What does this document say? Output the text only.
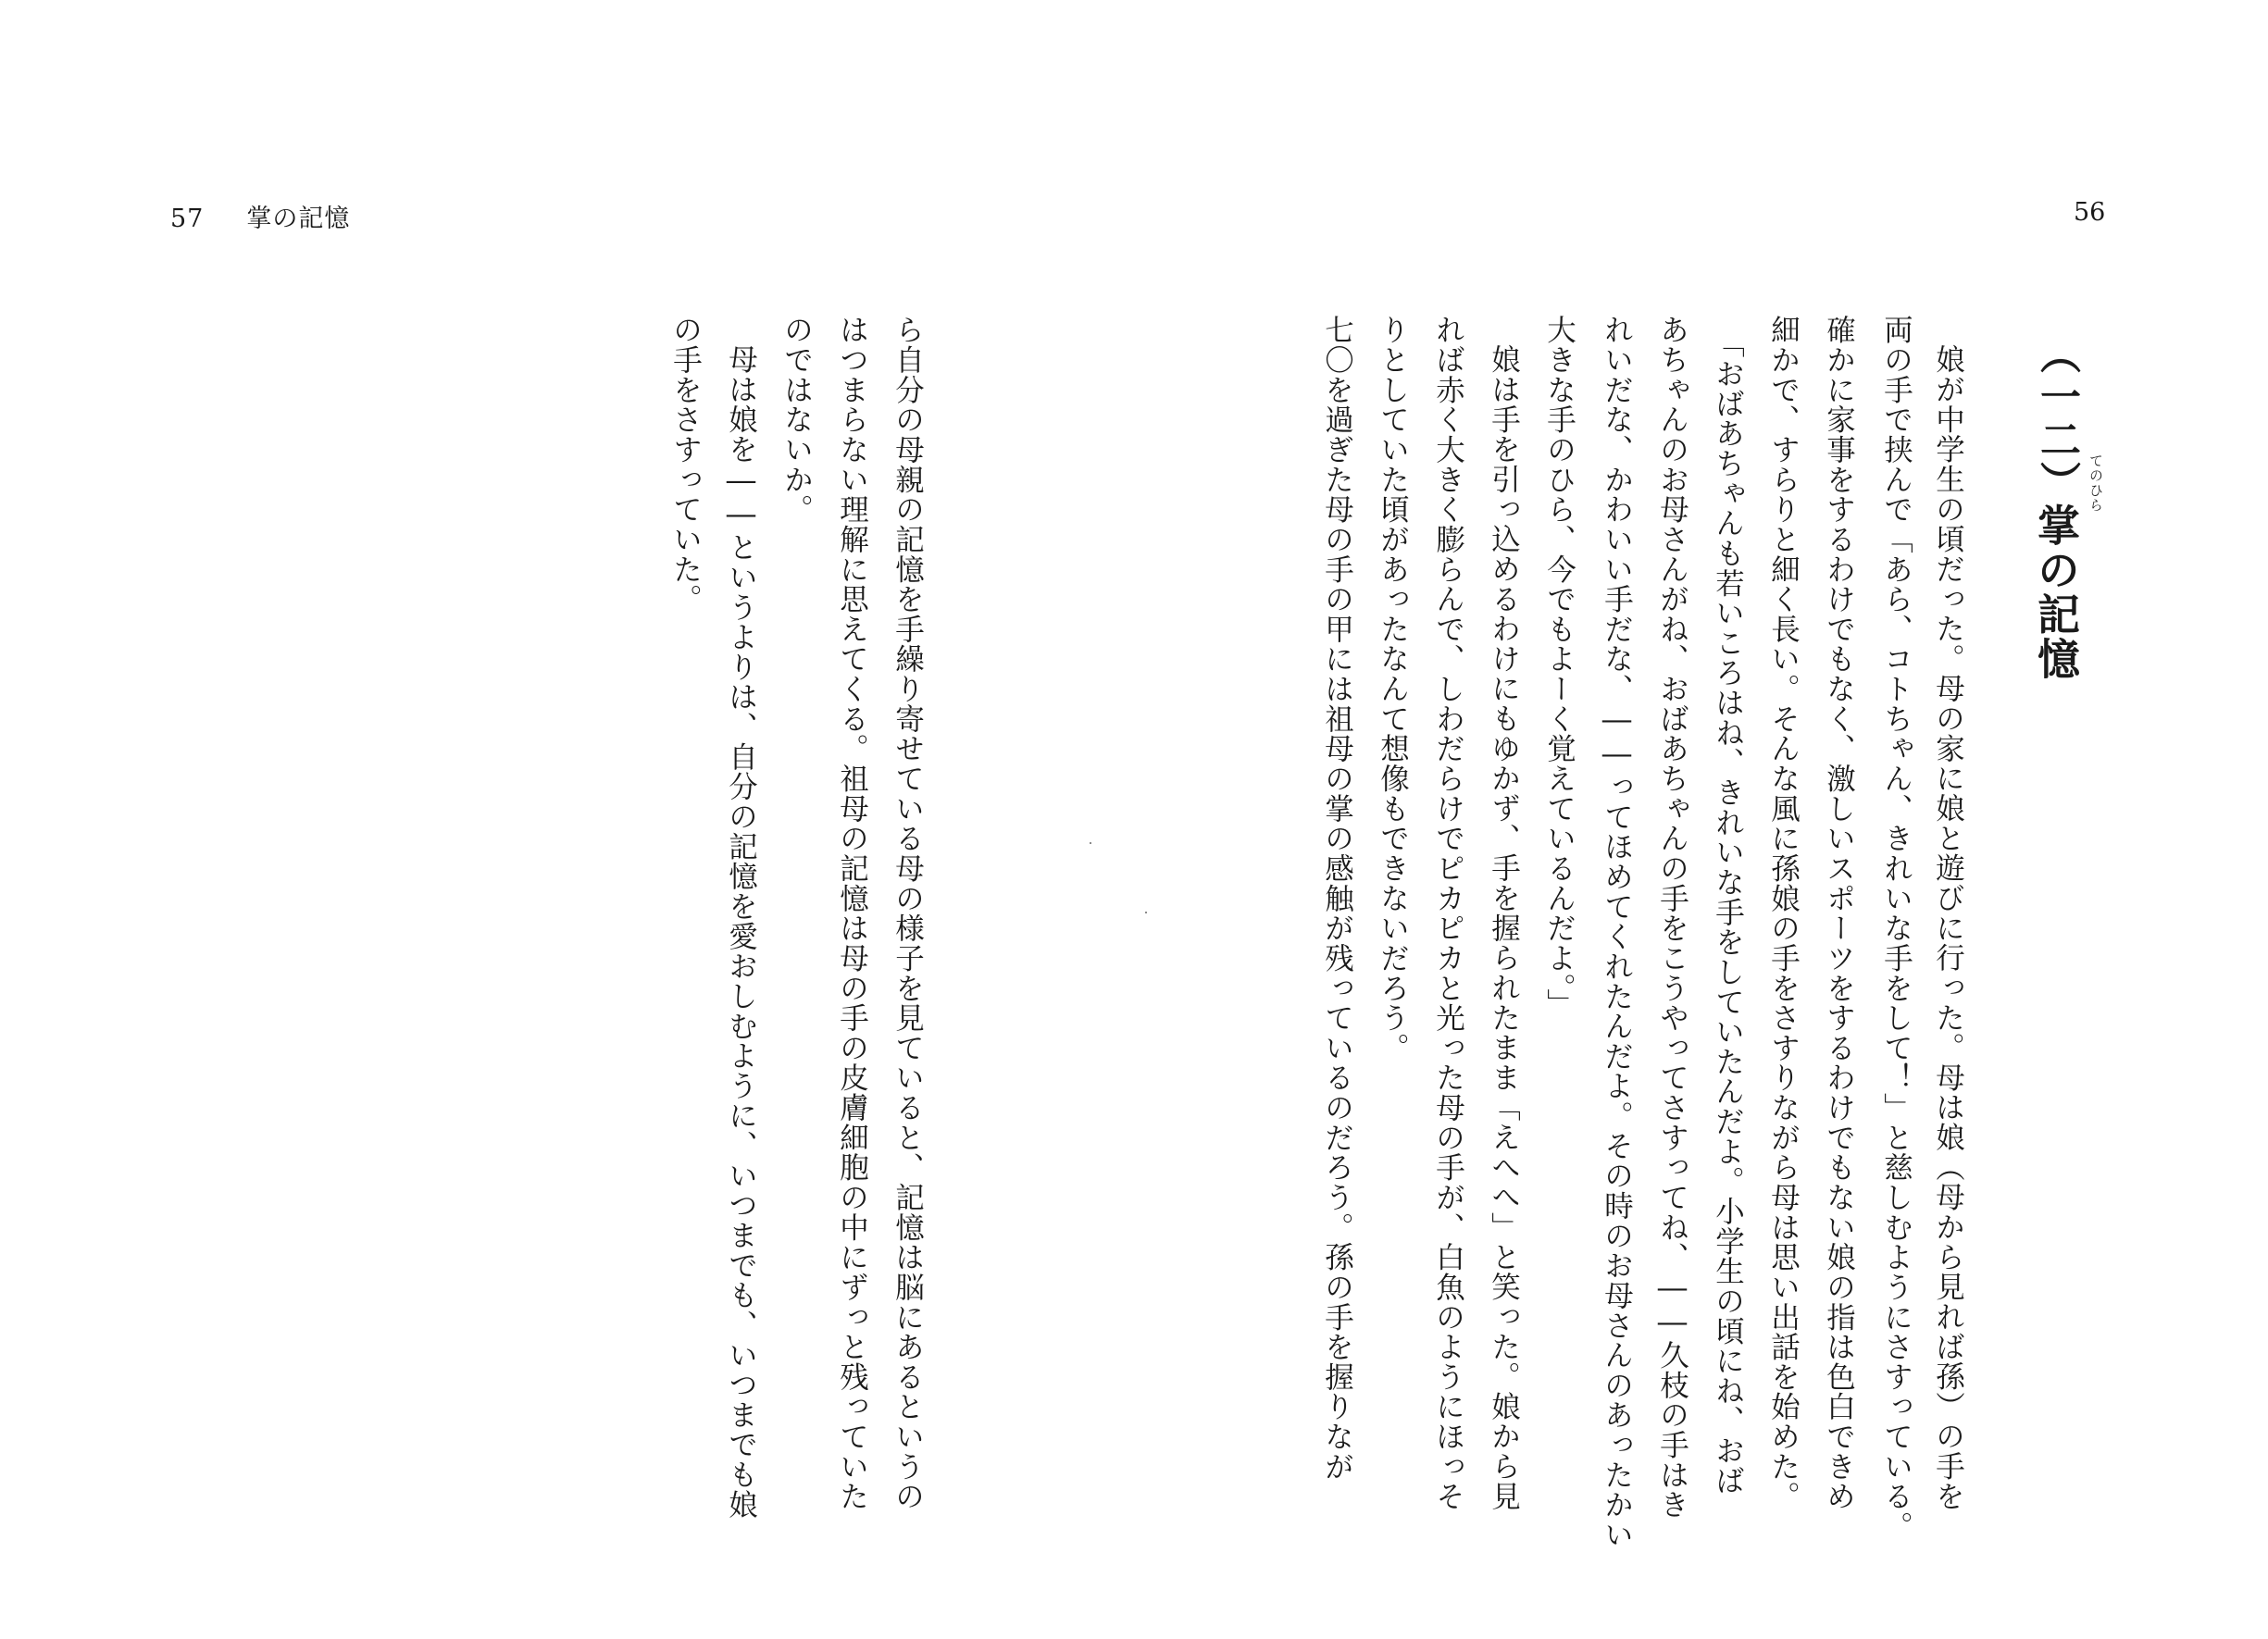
57 掌の記憶	56
（一二）掌の記憶
てのひら
娘が中学生の頃だった。母の家に娘と遊びに行った。母は娘（母から見れば孫）の手を
両の手で挟んで「あら、コトちゃん、きれいな手をして！」と慈しむようにさすっている。
確かに家事をするわけでもなく、激しいスポーツをするわけでもない娘の指は色白できめ
細かで、すらりと細く長い。そんな風に孫娘の手をさすりながら母は思い出話を始めた。
「おばあちゃんも若いころはね、きれいな手をしていたんだよ。小学生の頃にね、おば
あちゃんのお母さんがね、おばあちゃんの手をこうやってさすってね、――久枝の手はき
れいだな、かわいい手だな、――ってほめてくれたんだよ。その時のお母さんのあったかい
大きな手のひら、今でもよーく覚えているんだよ。」
娘は手を引っ込めるわけにもゆかず、手を握られたまま「えへへ」と笑った。娘から見
れば赤く大きく膨らんで、しわだらけでピカピカと光った母の手が、白魚のようにほっそ
りとしていた頃があったなんて想像もできないだろう。
七〇を過ぎた母の手の甲には祖母の掌の感触が残っているのだろう。孫の手を握りなが
ら自分の母親の記憶を手繰り寄せている母の様子を見ていると、記憶は脳にあるというの
はつまらない理解に思えてくる。祖母の記憶は母の手の皮膚細胞の中にずっと残っていた
のではないか。
母は娘を――というよりは、自分の記憶を愛おしむように、いつまでも、いつまでも娘
の手をさすっていた。
